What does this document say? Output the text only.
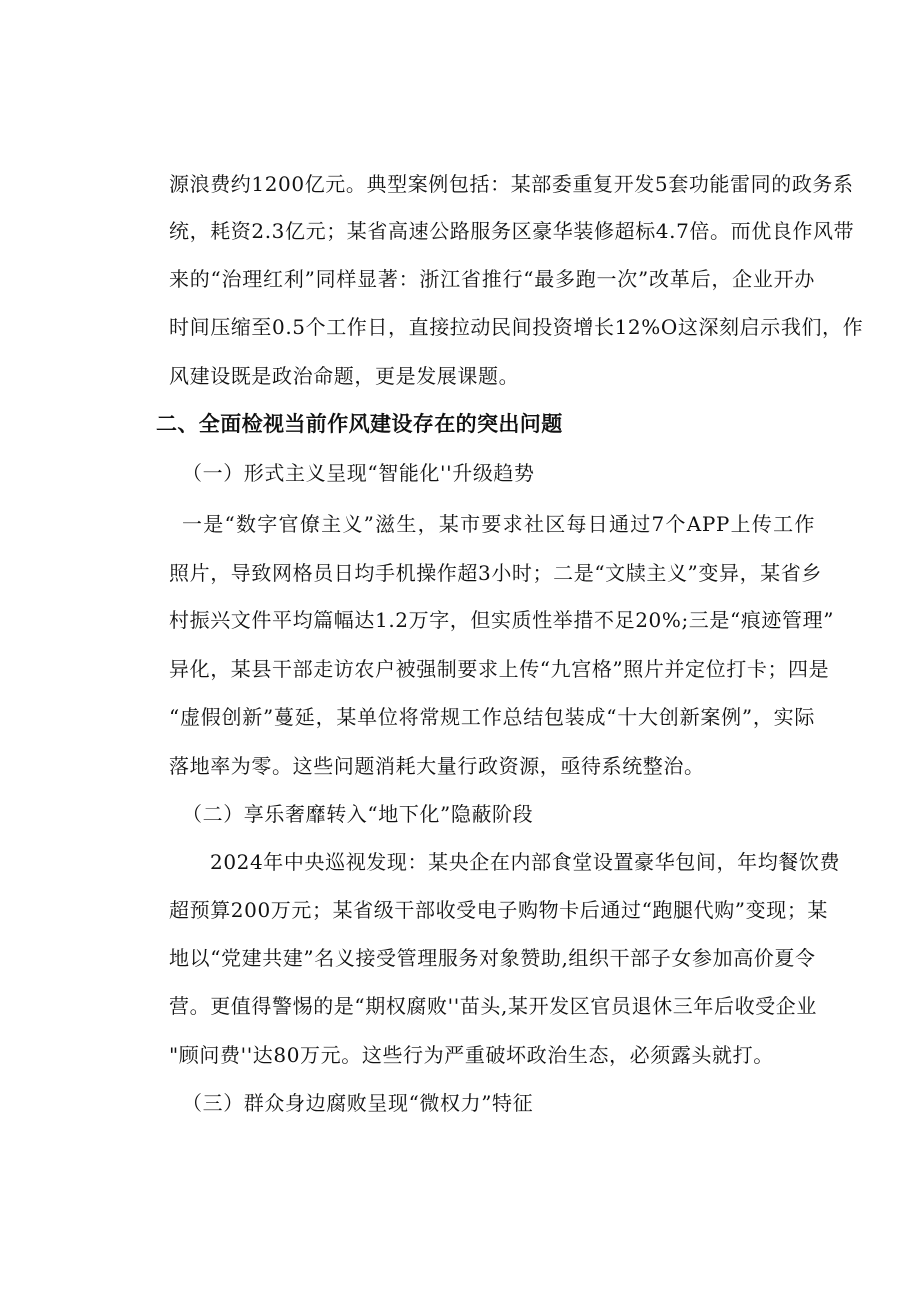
源浪费约1200亿元。典型案例包括：某部委重复开发5套功能雷同的政务系
统，耗资2.3亿元；某省高速公路服务区豪华装修超标4.7倍。而优良作风带
来的“治理红利”同样显著：浙江省推行“最多跑一次”改革后，企业开办
时间压缩至0.5个工作日，直接拉动民间投资增长12%O这深刻启示我们，作
风建设既是政治命题，更是发展课题。
二、全面检视当前作风建设存在的突出问题
（一）形式主义呈现“智能化''升级趋势
一是“数字官僚主义”滋生，某市要求社区每日通过7个APP上传工作
照片，导致网格员日均手机操作超3小时；二是“文牍主义”变异，某省乡
村振兴文件平均篇幅达1.2万字，但实质性举措不足20%;三是“痕迹管理”
异化，某县干部走访农户被强制要求上传“九宫格”照片并定位打卡；四是
“虚假创新”蔓延，某单位将常规工作总结包装成“十大创新案例”，实际
落地率为零。这些问题消耗大量行政资源，亟待系统整治。
（二）享乐奢靡转入“地下化”隐蔽阶段
2024年中央巡视发现：某央企在内部食堂设置豪华包间，年均餐饮费
超预算200万元；某省级干部收受电子购物卡后通过“跑腿代购”变现；某
地以“党建共建”名义接受管理服务对象赞助,组织干部子女参加高价夏令
营。更值得警惕的是“期权腐败''苗头,某开发区官员退休三年后收受企业
"顾问费''达80万元。这些行为严重破坏政治生态，必须露头就打。
（三）群众身边腐败呈现“微权力”特征
